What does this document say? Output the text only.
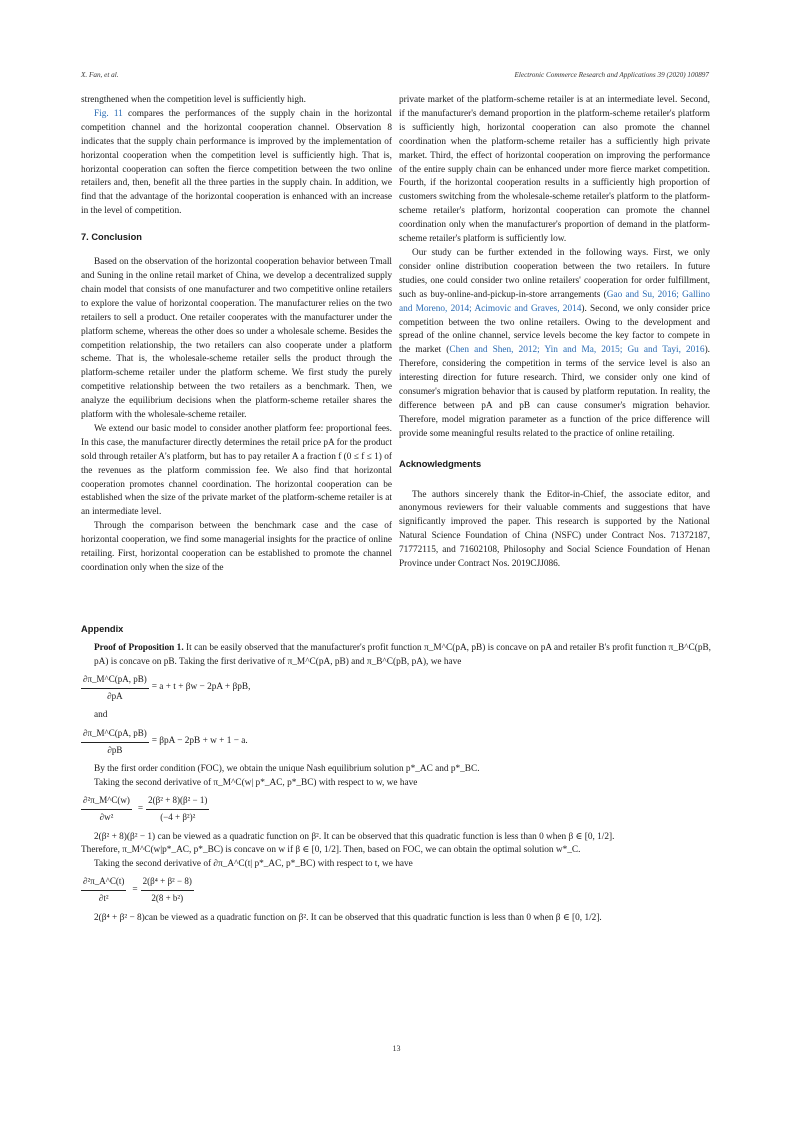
X. Fan, et al.	Electronic Commerce Research and Applications 39 (2020) 100897

strengthened when the competition level is sufficiently high.

Fig. 11 compares the performances of the supply chain in the horizontal competition channel and the horizontal cooperation channel. Observation 8 indicates that the supply chain performance is improved by the implementation of horizontal cooperation when the competition level is sufficiently high. That is, horizontal cooperation can soften the fierce competition between the two online retailers and, then, benefit all the three parties in the supply chain. In addition, we find that the advantage of the horizontal cooperation is enhanced with an increase in the level of competition.

7. Conclusion

Based on the observation of the horizontal cooperation behavior between Tmall and Suning in the online retail market of China, we develop a decentralized supply chain model that consists of one manufacturer and two competitive online retailers to explore the value of horizontal cooperation. The manufacturer relies on the two retailers to sell a product. One retailer cooperates with the manufacturer under the platform scheme, whereas the other does so under a wholesale scheme. Besides the competition relationship, the two retailers can also cooperate under a platform scheme. That is, the wholesale-scheme retailer sells the product through the platform-scheme retailer under the platform scheme. We first study the purely competitive relationship between the two retailers as a benchmark. Then, we analyze the equilibrium decisions when the platform-scheme retailer shares the platform with the wholesale-scheme retailer.

We extend our basic model to consider another platform fee: proportional fees. In this case, the manufacturer directly determines the retail price pA for the product sold through retailer A's platform, but has to pay retailer A a fraction f (0 ≤ f ≤ 1) of the revenues as the platform commission fee. We also find that horizontal cooperation promotes channel coordination. The horizontal cooperation can be established when the size of the private market of the platform-scheme retailer is at an intermediate level.

Through the comparison between the benchmark case and the case of horizontal cooperation, we find some managerial insights for the practice of online retailing. First, horizontal cooperation can be established to promote the channel coordination only when the size of the

private market of the platform-scheme retailer is at an intermediate level. Second, if the manufacturer's demand proportion in the platform-scheme retailer's platform is sufficiently high, horizontal cooperation can also promote the channel coordination when the platform-scheme retailer has a sufficiently high private market. Third, the effect of horizontal cooperation on improving the performance of the entire supply chain can be enhanced under more fierce market competition. Fourth, if the horizontal cooperation results in a sufficiently high proportion of customers switching from the wholesale-scheme retailer's platform to the platform-scheme retailer's platform, horizontal cooperation can promote the channel coordination only when the manufacturer's proportion of demand in the platform-scheme retailer's platform is sufficiently low.

Our study can be further extended in the following ways. First, we only consider online distribution cooperation between the two retailers. In future studies, one could consider two online retailers' cooperation for order fulfillment, such as buy-online-and-pickup-in-store arrangements (Gao and Su, 2016; Gallino and Moreno, 2014; Acimovic and Graves, 2014). Second, we only consider price competition between the two online retailers. Owing to the development and spread of the online channel, service levels become the key factor to compete in the market (Chen and Shen, 2012; Yin and Ma, 2015; Gu and Tayi, 2016). Therefore, considering the competition in terms of the service level is also an interesting direction for future research. Third, we consider only one kind of consumer's migration behavior that is caused by platform reputation. In reality, the difference between pA and pB can cause consumer's migration behavior. Therefore, model migration parameter as a function of the price difference will provide some meaningful results related to the practice of online retailing.

Acknowledgments

The authors sincerely thank the Editor-in-Chief, the associate editor, and anonymous reviewers for their valuable comments and suggestions that have significantly improved the paper. This research is supported by the National Natural Science Foundation of China (NSFC) under Contract Nos. 71372187, 71772115, and 71602108, Philosophy and Social Science Foundation of Henan Province under Contract Nos. 2019CJJ086.

Appendix
Proof of Proposition 1. It can be easily observed that the manufacturer's profit function π_M^C(pA, pB) is concave on pA and retailer B's profit function π_B^C(pB, pA) is concave on pB. Taking the first derivative of π_M^C(pA, pB) and π_B^C(pB, pA), we have
$\frac{\partial\pi\_M\^{}C(pA, pB)}{\partial pA} = a + t + \beta w - 2pA + \beta pB$,
and
$\frac{\partial\pi\_M\^{}C(pA, pB)}{\partial pB} = \beta pA - 2pB + w + 1 - a$.
By the first order condition (FOC), we obtain the unique Nash equilibrium solution p*_AC and p*_BC.
Taking the second derivative of π_M^C(w| p*_AC, p*_BC) with respect to w, we have
$\frac{\text{∂²π\_M\textasciicircum{}C(w)}}{\text{∂w²}} = \frac{\text{2(β² + 8)(β² − 1)}}{\text{(−4 + β²)²}}$
2(β² + 8)(β² − 1) can be viewed as a quadratic function on β². It can be observed that this quadratic function is less than 0 when β ∈ [0, 1/2].
Therefore, π_M^C(w|p*_AC, p*_BC) is concave on w if β ∈ [0, 1/2]. Then, based on FOC, we can obtain the optimal solution w*_C.
Taking the second derivative of ∂π_A^C(t| p*_AC, p*_BC) with respect to t, we have
$\frac{\text{∂²π\_A\textasciicircum{}C(t)}}{\text{∂t²}} = \frac{\text{2(β⁴ + β² − 8)}}{\text{2(8 + b²)}}$
2(β⁴ + β² − 8)can be viewed as a quadratic function on β². It can be observed that this quadratic function is less than 0 when β ∈ [0, 1/2].
13
